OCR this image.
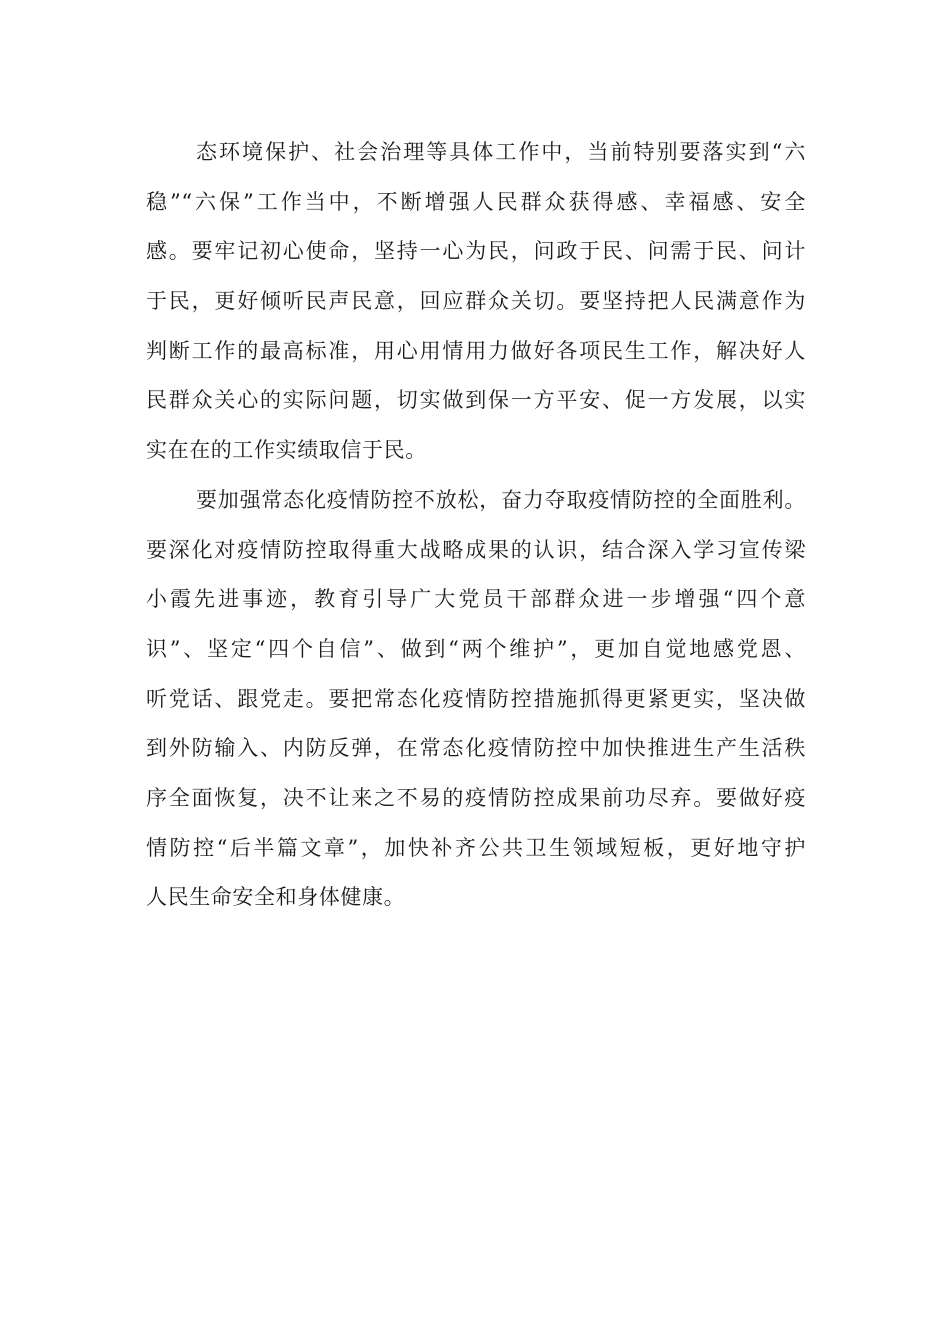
态环境保护、社会治理等具体工作中，当前特别要落实到“六
稳”“六保”工作当中，不断增强人民群众获得感、幸福感、安全
感。要牢记初心使命，坚持一心为民，问政于民、问需于民、问计
于民，更好倾听民声民意，回应群众关切。要坚持把人民满意作为
判断工作的最高标准，用心用情用力做好各项民生工作，解决好人
民群众关心的实际问题，切实做到保一方平安、促一方发展，以实
实在在的工作实绩取信于民。
要加强常态化疫情防控不放松，奋力夺取疫情防控的全面胜利。
要深化对疫情防控取得重大战略成果的认识，结合深入学习宣传梁
小霞先进事迹，教育引导广大党员干部群众进一步增强“四个意
识”、坚定“四个自信”、做到“两个维护”，更加自觉地感党恩、
听党话、跟党走。要把常态化疫情防控措施抓得更紧更实，坚决做
到外防输入、内防反弹，在常态化疫情防控中加快推进生产生活秩
序全面恢复，决不让来之不易的疫情防控成果前功尽弃。要做好疫
情防控“后半篇文章”，加快补齐公共卫生领域短板，更好地守护
人民生命安全和身体健康。
